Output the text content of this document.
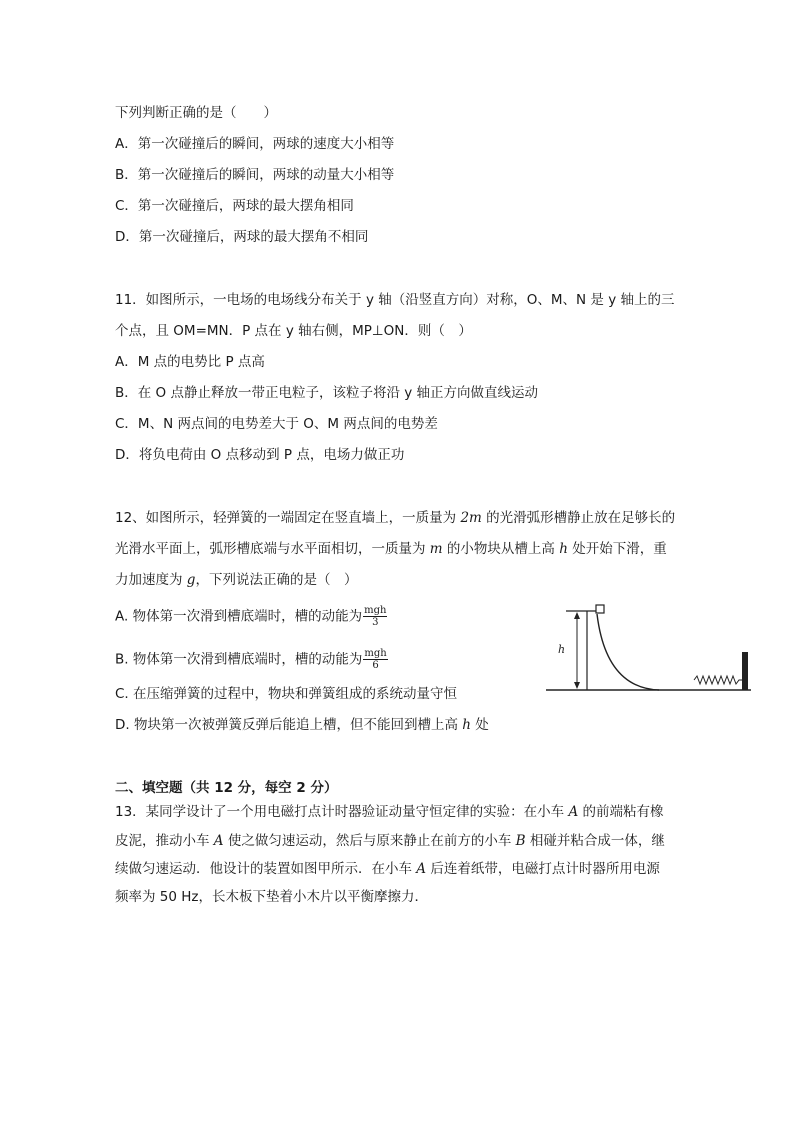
下列判断正确的是（　　）
A．第一次碰撞后的瞬间，两球的速度大小相等
B．第一次碰撞后的瞬间，两球的动量大小相等
C．第一次碰撞后，两球的最大摆角相同
D．第一次碰撞后，两球的最大摆角不相同
11．如图所示，一电场的电场线分布关于 y 轴（沿竖直方向）对称，O、M、N 是 y 轴上的三
个点，且 OM=MN．P 点在 y 轴右侧，MP⊥ON．则（　）
A．M 点的电势比 P 点高
B．在 O 点静止释放一带正电粒子，该粒子将沿 y 轴正方向做直线运动
C．M、N 两点间的电势差大于 O、M 两点间的电势差
D．将负电荷由 O 点移动到 P 点，电场力做正功
12、如图所示，轻弹簧的一端固定在竖直墙上，一质量为 2m 的光滑弧形槽静止放在足够长的
光滑水平面上，弧形槽底端与水平面相切，一质量为 m 的小物块从槽上高 h 处开始下滑，重
力加速度为 g，下列说法正确的是（　）
A. 物体第一次滑到槽底端时，槽的动能为 $\frac{\text{mgh}}{3}$
B. 物体第一次滑到槽底端时，槽的动能为 $\frac{\text{mgh}}{6}$
C. 在压缩弹簧的过程中，物块和弹簧组成的系统动量守恒
D. 物块第一次被弹簧反弹后能追上槽，但不能回到槽上高 h 处
h
二、填空题（共 12 分，每空 2 分）
13．某同学设计了一个用电磁打点计时器验证动量守恒定律的实验：在小车 A 的前端粘有橡
皮泥，推动小车 A 使之做匀速运动，然后与原来静止在前方的小车 B 相碰并粘合成一体，继
续做匀速运动．他设计的装置如图甲所示．在小车 A 后连着纸带，电磁打点计时器所用电源
频率为 50 Hz，长木板下垫着小木片以平衡摩擦力．
